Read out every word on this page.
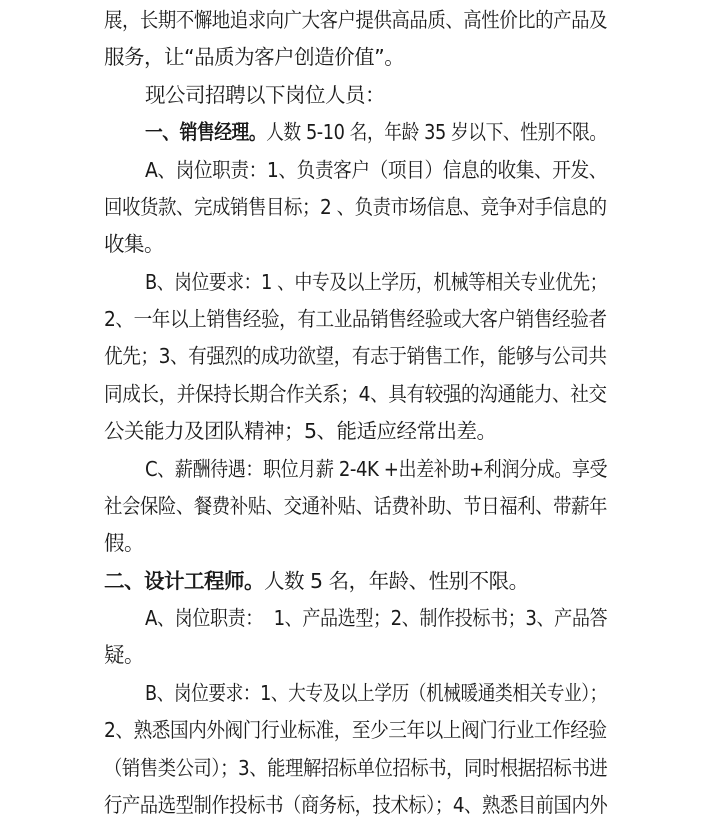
展，长期不懈地追求向广大客户提供高品质、高性价比的产品及
服务，让“品质为客户创造价值”。
现公司招聘以下岗位人员：
一、销售经理。人数 5-10 名，年龄 35 岁以下、性别不限。
A、岗位职责：1、负责客户（项目）信息的收集、开发、
回收货款、完成销售目标；2 、负责市场信息、竞争对手信息的
收集。
B、岗位要求：1 、中专及以上学历，机械等相关专业优先；
2、一年以上销售经验，有工业品销售经验或大客户销售经验者
优先；3、有强烈的成功欲望，有志于销售工作，能够与公司共
同成长，并保持长期合作关系；4、具有较强的沟通能力、社交
公关能力及团队精神；5、能适应经常出差。
C、薪酬待遇：职位月薪 2-4K +出差补助+利润分成。享受
社会保险、餐费补贴、交通补贴、话费补助、节日福利、带薪年
假。
二、设计工程师。人数 5 名，年龄、性别不限。
A、岗位职责：  1、产品选型；2、制作投标书；3、产品答
疑。
B、岗位要求：1、大专及以上学历（机械暖通类相关专业）；
2、熟悉国内外阀门行业标准，至少三年以上阀门行业工作经验
（销售类公司）；3、能理解招标单位招标书，同时根据招标书进
行产品选型制作投标书（商务标，技术标）；4、熟悉目前国内外
